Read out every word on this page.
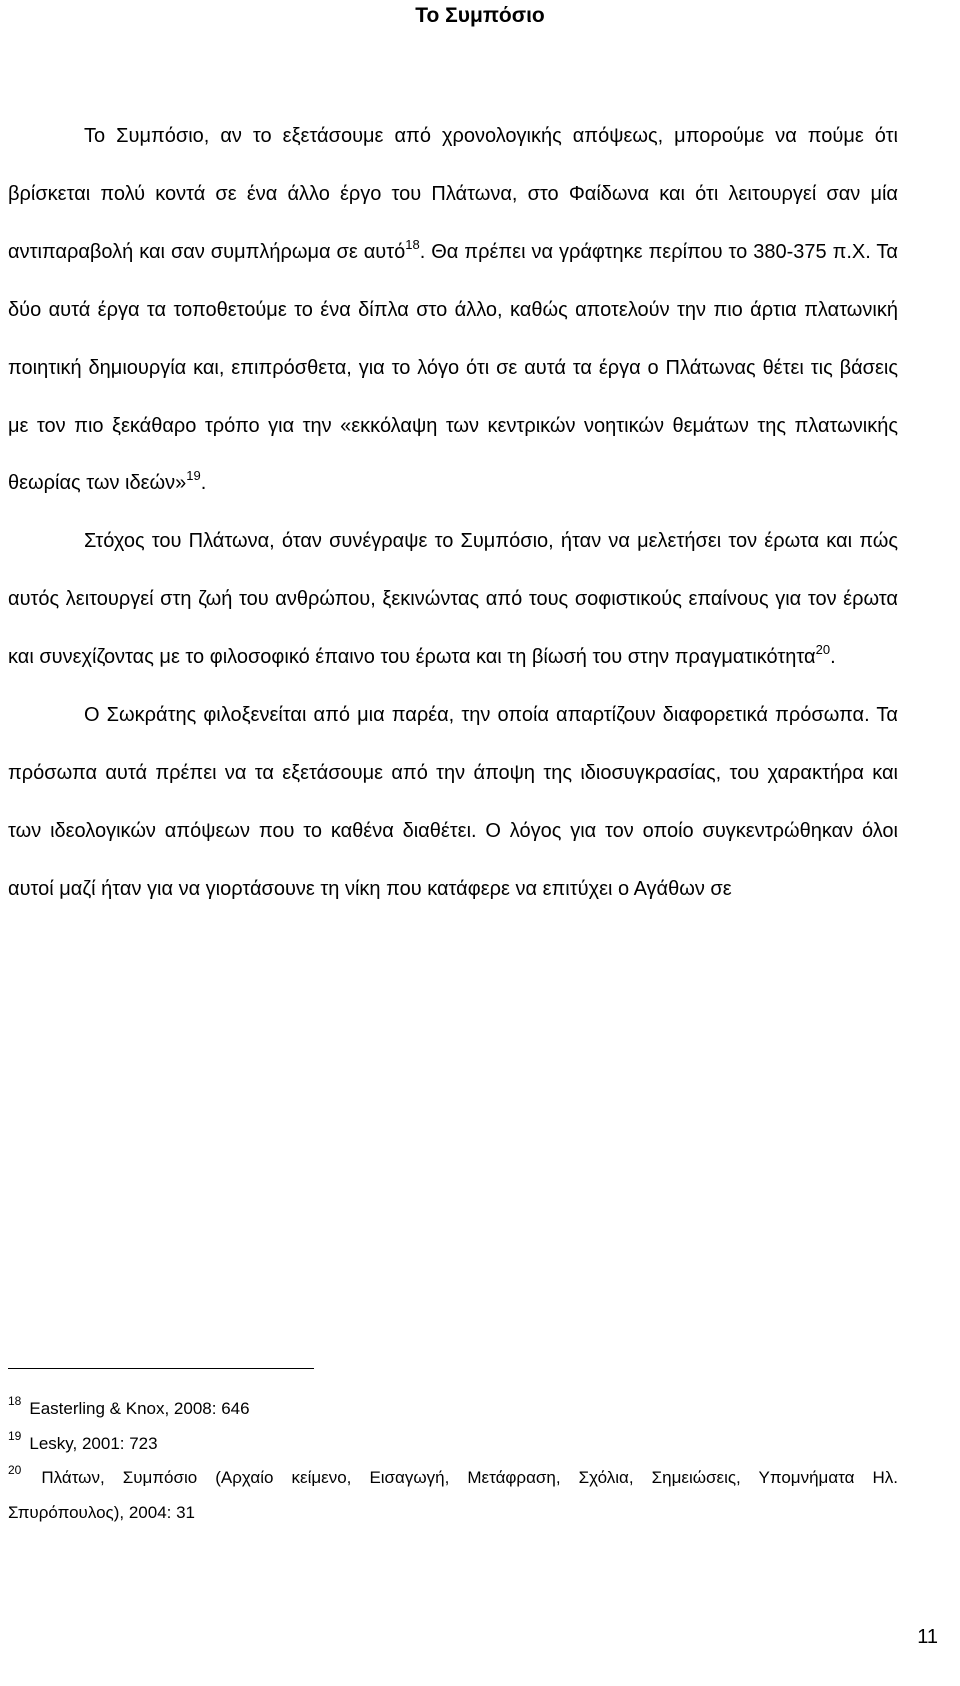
Το Συμπόσιο

Το Συμπόσιο, αν το εξετάσουμε από χρονολογικής απόψεως, μπορούμε να πούμε ότι βρίσκεται πολύ κοντά σε ένα άλλο έργο του Πλάτωνα, στο Φαίδωνα και ότι λειτουργεί σαν μία αντιπαραβολή και σαν συμπλήρωμα σε αυτό$^{18}$. Θα πρέπει να γράφτηκε περίπου το 380-375 π.Χ. Τα δύο αυτά έργα τα τοποθετούμε το ένα δίπλα στο άλλο, καθώς αποτελούν την πιο άρτια πλατωνική ποιητική δημιουργία και, επιπρόσθετα, για το λόγο ότι σε αυτά τα έργα ο Πλάτωνας θέτει τις βάσεις με τον πιο ξεκάθαρο τρόπο για την «εκκόλαψη των κεντρικών νοητικών θεμάτων της πλατωνικής θεωρίας των ιδεών»$^{19}$.

Στόχος του Πλάτωνα, όταν συνέγραψε το Συμπόσιο, ήταν να μελετήσει τον έρωτα και πώς αυτός λειτουργεί στη ζωή του ανθρώπου, ξεκινώντας από τους σοφιστικούς επαίνους για τον έρωτα και συνεχίζοντας με το φιλοσοφικό έπαινο του έρωτα και τη βίωσή του στην πραγματικότητα$^{20}$.

Ο Σωκράτης φιλοξενείται από μια παρέα, την οποία απαρτίζουν διαφορετικά πρόσωπα. Τα πρόσωπα αυτά πρέπει να τα εξετάσουμε από την άποψη της ιδιοσυγκρασίας, του χαρακτήρα και των ιδεολογικών απόψεων που το καθένα διαθέτει. Ο λόγος για τον οποίο συγκεντρώθηκαν όλοι αυτοί μαζί ήταν για να γιορτάσουνε τη νίκη που κατάφερε να επιτύχει ο Αγάθων σε

$^{18}$ Easterling & Knox, 2008: 646
$^{19}$ Lesky, 2001: 723
$^{20}$ Πλάτων, Συμπόσιο (Αρχαίο κείμενο, Εισαγωγή, Μετάφραση, Σχόλια, Σημειώσεις, Υπομνήματα Ηλ. Σπυρόπουλος), 2004: 31
11
